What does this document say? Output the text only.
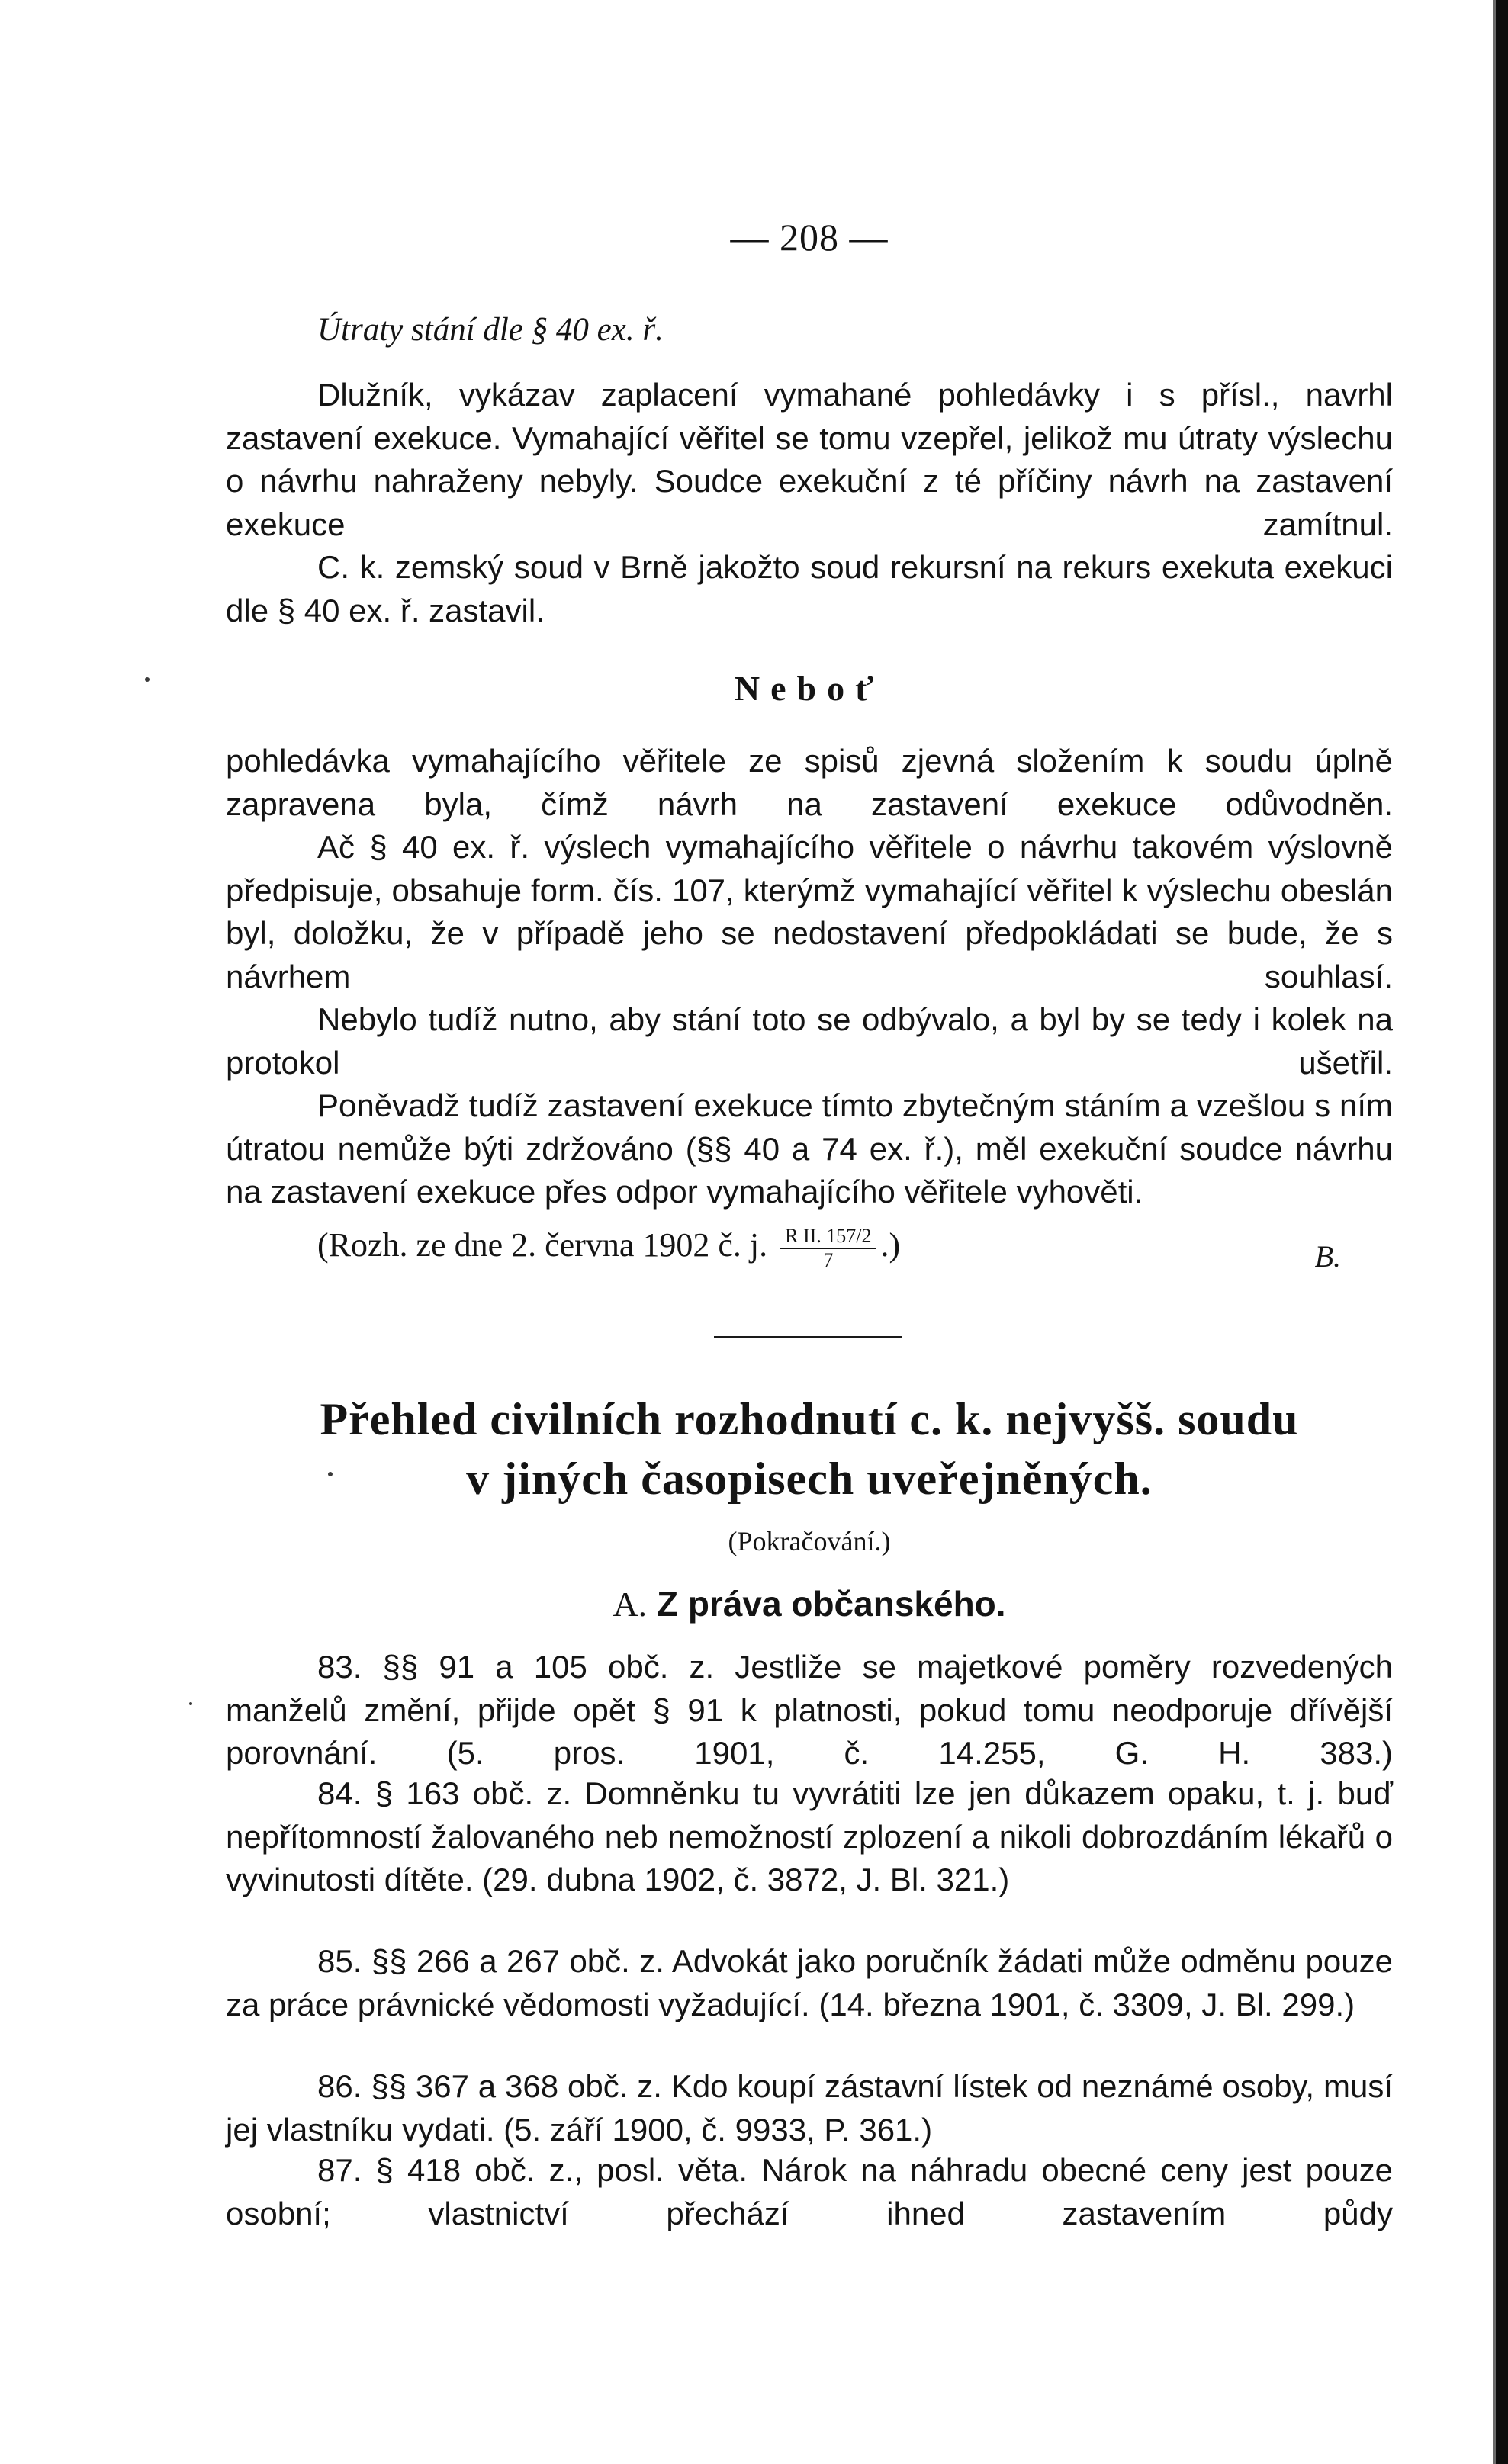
— 208 —
Útraty stání dle § 40 ex. ř.
Dlužník, vykázav zaplacení vymahané pohledávky i s přísl., navrhl zastavení exekuce. Vymahající věřitel se tomu vzepřel, jelikož mu útraty výslechu o návrhu nahraženy nebyly. Soudce exekuční z té příčiny návrh na zastavení exekuce zamítnul.
C. k. zemský soud v Brně jakožto soud rekursní na rekurs exekuta exekuci dle § 40 ex. ř. zastavil.
Neboť
pohledávka vymahajícího věřitele ze spisů zjevná složením k soudu úplně zapravena byla, čímž návrh na zastavení exekuce odůvodněn.
Ač § 40 ex. ř. výslech vymahajícího věřitele o návrhu takovém výslovně předpisuje, obsahuje form. čís. 107, kterýmž vymahající věřitel k výslechu obeslán byl, doložku, že v případě jeho se nedostavení předpokládati se bude, že s návrhem souhlasí.
Nebylo tudíž nutno, aby stání toto se odbývalo, a byl by se tedy i kolek na protokol ušetřil.
Poněvadž tudíž zastavení exekuce tímto zbytečným stáním a vzešlou s ním útratou nemůže býti zdržováno (§§ 40 a 74 ex. ř.), měl exekuční soudce návrhu na zastavení exekuce přes odpor vymahajícího věřitele vyhověti.
(Rozh. ze dne 2. června 1902 č. j. $\frac{\text{R II. 157/2}}{7}$ .)	B.
Přehled civilních rozhodnutí c. k. nejvyšš. soudu
v jiných časopisech uveřejněných.
(Pokračování.)
A. Z práva občanského.
83. §§ 91 a 105 obč. z. Jestliže se majetkové poměry rozvedených manželů změní, přijde opět § 91 k platnosti, pokud tomu neodporuje dřívější porovnání. (5. pros. 1901, č. 14.255, G. H. 383.)
84. § 163 obč. z. Domněnku tu vyvrátiti lze jen důkazem opaku, t. j. buď nepřítomností žalovaného neb nemožností zplození a nikoli dobrozdáním lékařů o vyvinutosti dítěte. (29. dubna 1902, č. 3872, J. Bl. 321.)
85. §§ 266 a 267 obč. z. Advokát jako poručník žádati může odměnu pouze za práce právnické vědomosti vyžadující. (14. března 1901, č. 3309, J. Bl. 299.)
86. §§ 367 a 368 obč. z. Kdo koupí zástavní lístek od neznámé osoby, musí jej vlastníku vydati. (5. září 1900, č. 9933, P. 361.)
87. § 418 obč. z., posl. věta. Nárok na náhradu obecné ceny jest pouze osobní; vlastnictví přechází ihned zastavením půdy
